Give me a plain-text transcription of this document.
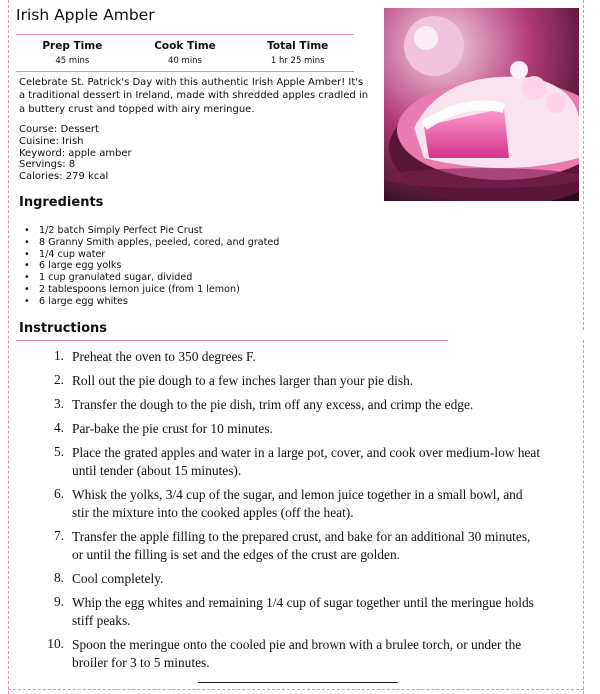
Irish Apple Amber
Prep Time
45 mins
Cook Time
40 mins
Total Time
1 hr 25 mins

Celebrate St. Patrick's Day with this authentic Irish Apple Amber! It's a traditional dessert in Ireland, made with shredded apples cradled in a buttery crust and topped with airy meringue.

Course: Dessert
Cuisine: Irish
Keyword: apple amber
Servings: 8
Calories: 279 kcal
Ingredients
• 1/2 batch Simply Perfect Pie Crust
• 8 Granny Smith apples, peeled, cored, and grated
• 1/4 cup water
• 6 large egg yolks
• 1 cup granulated sugar, divided
• 2 tablespoons lemon juice (from 1 lemon)
• 6 large egg whites
Instructions
1. Preheat the oven to 350 degrees F.
2. Roll out the pie dough to a few inches larger than your pie dish.
3. Transfer the dough to the pie dish, trim off any excess, and crimp the edge.
4. Par-bake the pie crust for 10 minutes.
5. Place the grated apples and water in a large pot, cover, and cook over medium-low heat until tender (about 15 minutes).
6. Whisk the yolks, 3/4 cup of the sugar, and lemon juice together in a small bowl, and stir the mixture into the cooked apples (off the heat).
7. Transfer the apple filling to the prepared crust, and bake for an additional 30 minutes, or until the filling is set and the edges of the crust are golden.
8. Cool completely.
9. Whip the egg whites and remaining 1/4 cup of sugar together until the meringue holds stiff peaks.
10. Spoon the meringue onto the cooled pie and brown with a brulee torch, or under the broiler for 3 to 5 minutes.
